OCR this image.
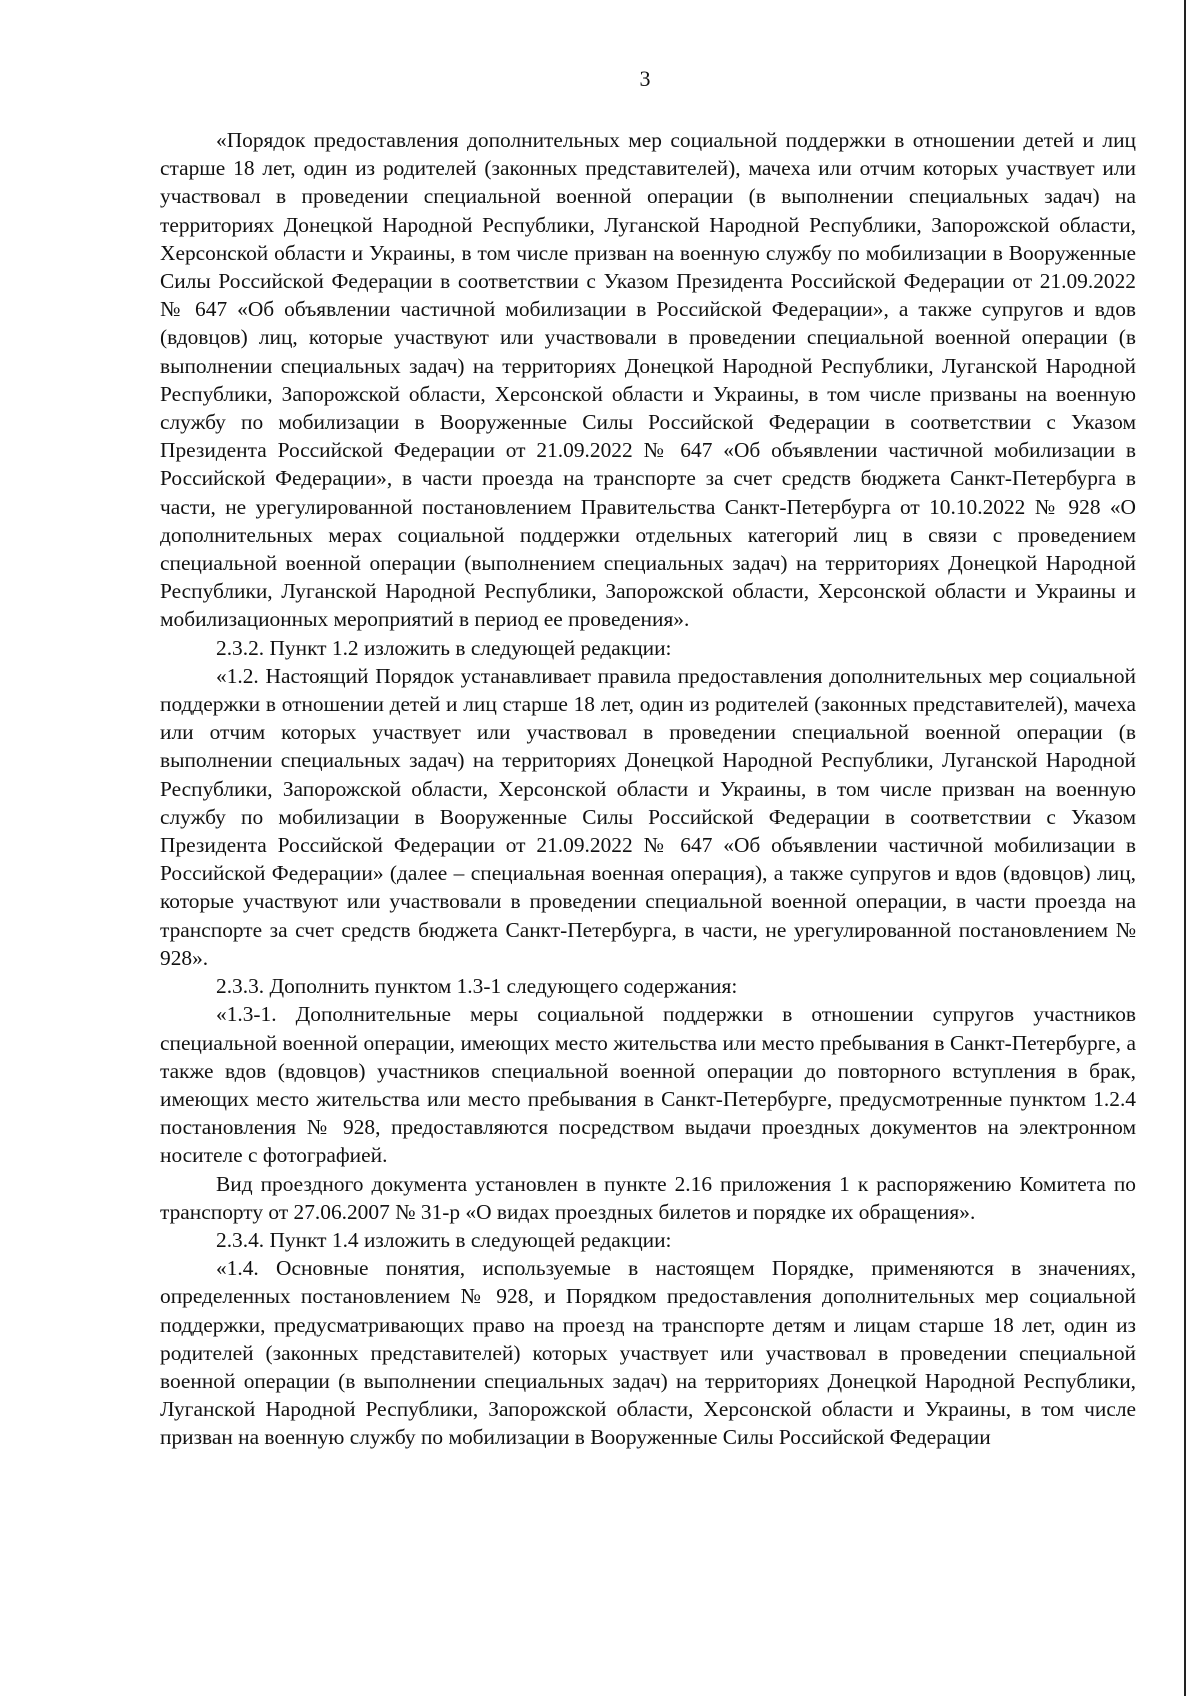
3

«Порядок предоставления дополнительных мер социальной поддержки в отношении детей и лиц старше 18 лет, один из родителей (законных представителей), мачеха или отчим которых участвует или участвовал в проведении специальной военной операции (в выполнении специальных задач) на территориях Донецкой Народной Республики, Луганской Народной Республики, Запорожской области, Херсонской области и Украины, в том числе призван на военную службу по мобилизации в Вооруженные Силы Российской Федерации в соответствии с Указом Президента Российской Федерации от 21.09.2022 № 647 «Об объявлении частичной мобилизации в Российской Федерации», а также супругов и вдов (вдовцов) лиц, которые участвуют или участвовали в проведении специальной военной операции (в выполнении специальных задач) на территориях Донецкой Народной Республики, Луганской Народной Республики, Запорожской области, Херсонской области и Украины, в том числе призваны на военную службу по мобилизации в Вооруженные Силы Российской Федерации в соответствии с Указом Президента Российской Федерации от 21.09.2022 № 647 «Об объявлении частичной мобилизации в Российской Федерации», в части проезда на транспорте за счет средств бюджета Санкт-Петербурга в части, не урегулированной постановлением Правительства Санкт-Петербурга от 10.10.2022 № 928 «О дополнительных мерах социальной поддержки отдельных категорий лиц в связи с проведением специальной военной операции (выполнением специальных задач) на территориях Донецкой Народной Республики, Луганской Народной Республики, Запорожской области, Херсонской области и Украины и мобилизационных мероприятий в период ее проведения».

2.3.2. Пункт 1.2 изложить в следующей редакции:

«1.2. Настоящий Порядок устанавливает правила предоставления дополнительных мер социальной поддержки в отношении детей и лиц старше 18 лет, один из родителей (законных представителей), мачеха или отчим которых участвует или участвовал в проведении специальной военной операции (в выполнении специальных задач) на территориях Донецкой Народной Республики, Луганской Народной Республики, Запорожской области, Херсонской области и Украины, в том числе призван на военную службу по мобилизации в Вооруженные Силы Российской Федерации в соответствии с Указом Президента Российской Федерации от 21.09.2022 № 647 «Об объявлении частичной мобилизации в Российской Федерации» (далее – специальная военная операция), а также супругов и вдов (вдовцов) лиц, которые участвуют или участвовали в проведении специальной военной операции, в части проезда на транспорте за счет средств бюджета Санкт-Петербурга, в части, не урегулированной постановлением № 928».

2.3.3. Дополнить пунктом 1.3-1 следующего содержания:

«1.3-1. Дополнительные меры социальной поддержки в отношении супругов участников специальной военной операции, имеющих место жительства или место пребывания в Санкт-Петербурге, а также вдов (вдовцов) участников специальной военной операции до повторного вступления в брак, имеющих место жительства или место пребывания в Санкт-Петербурге, предусмотренные пунктом 1.2.4 постановления № 928, предоставляются посредством выдачи проездных документов на электронном носителе с фотографией.

Вид проездного документа установлен в пункте 2.16 приложения 1 к распоряжению Комитета по транспорту от 27.06.2007 № 31-р «О видах проездных билетов и порядке их обращения».

2.3.4. Пункт 1.4 изложить в следующей редакции:

«1.4. Основные понятия, используемые в настоящем Порядке, применяются в значениях, определенных постановлением № 928, и Порядком предоставления дополнительных мер социальной поддержки, предусматривающих право на проезд на транспорте детям и лицам старше 18 лет, один из родителей (законных представителей) которых участвует или участвовал в проведении специальной военной операции (в выполнении специальных задач) на территориях Донецкой Народной Республики, Луганской Народной Республики, Запорожской области, Херсонской области и Украины, в том числе призван на военную службу по мобилизации в Вооруженные Силы Российской Федерации
